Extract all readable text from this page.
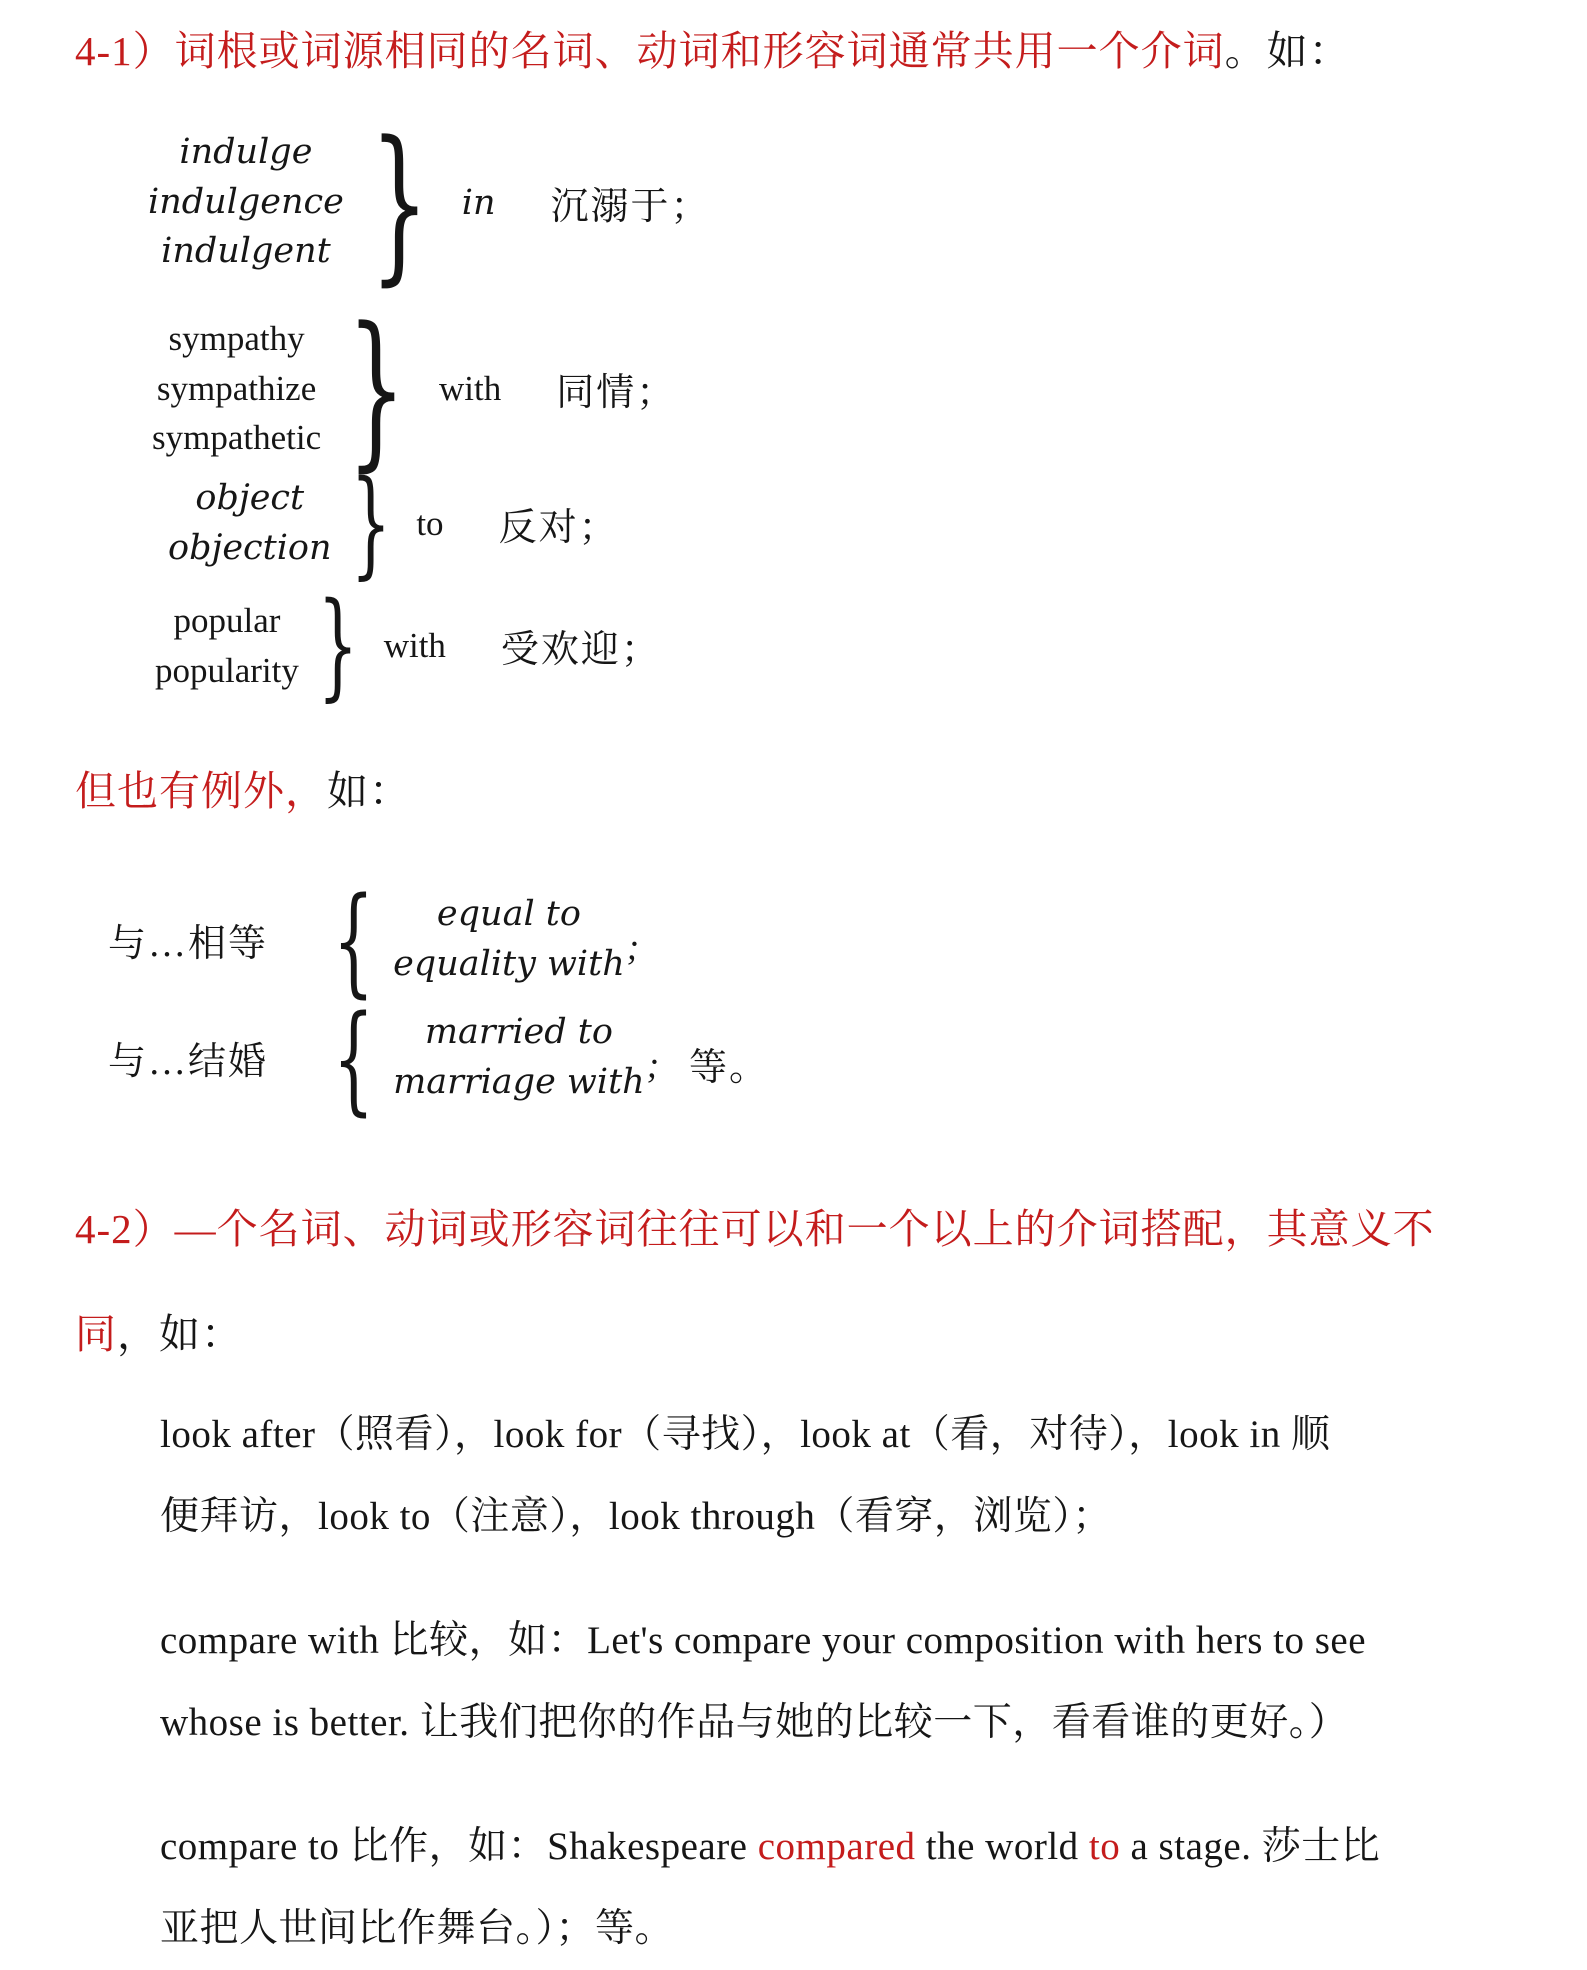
4-1）词根或词源相同的名词、动词和形容词通常共用一个介词。如：
indulge
indulgence
indulgent } in 沉溺于；
sympathy
sympathize
sympathetic } with 同情；
object
objection } to 反对；
popular
popularity } with 受欢迎；
但也有例外，如：
与…相等 {	equal to
equality with ;
与…结婚 {	married to
marriage with ; 等。
4-2）—个名词、动词或形容词往往可以和一个以上的介词搭配，其意义不
同，如：
look after（照看），look for（寻找），look at（看，对待），look in 顺
便拜访，look to（注意），look through（看穿，浏览）；
compare with 比较，如：Let's compare your composition with hers to see
whose is better. 让我们把你的作品与她的比较一下，看看谁的更好。）
compare to 比作，如：Shakespeare compared the world to a stage. 莎士比
亚把人世间比作舞台。）；等。
